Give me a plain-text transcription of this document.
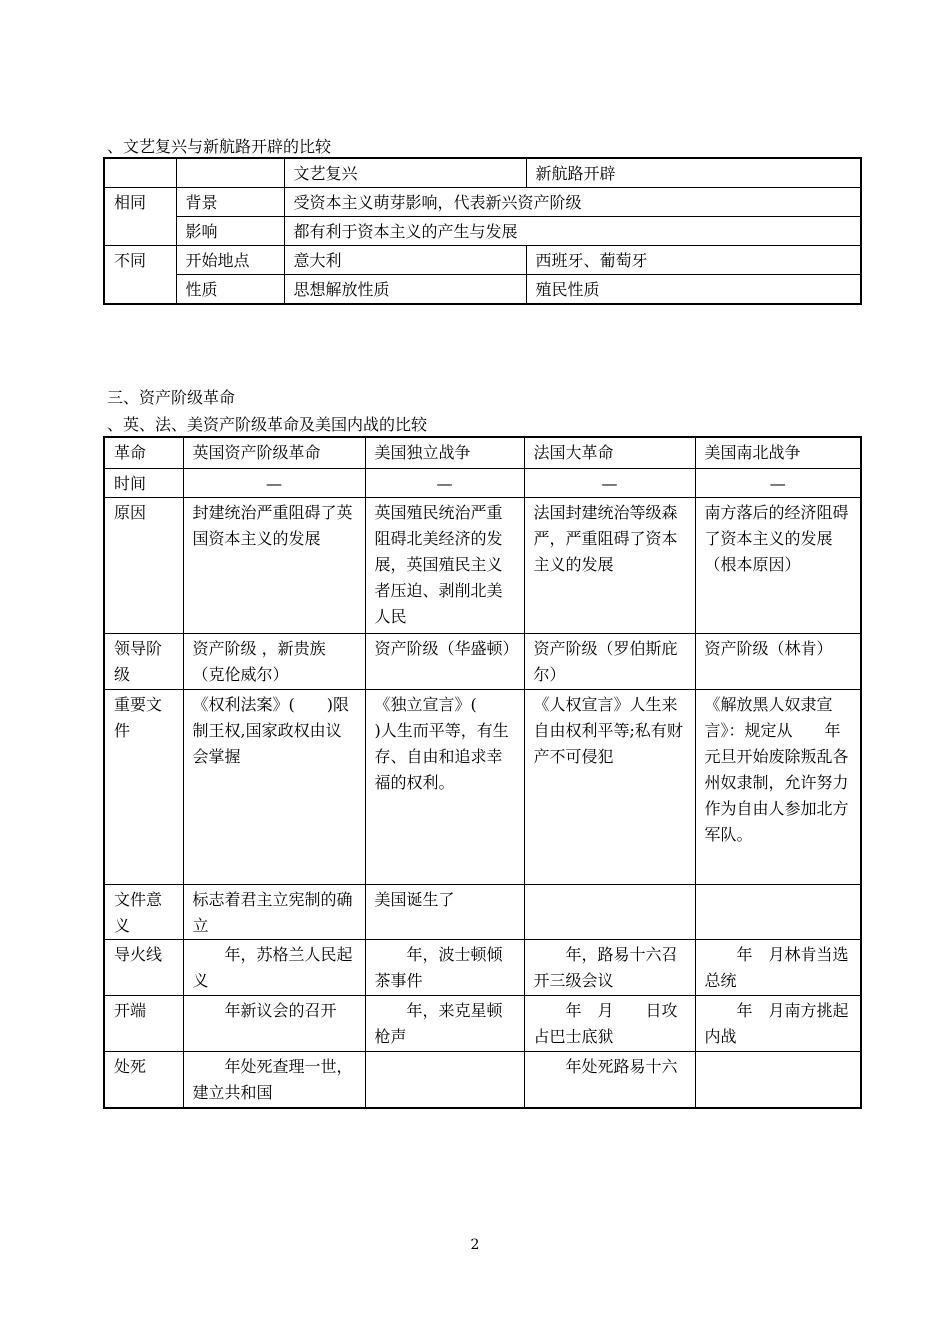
、文艺复兴与新航路开辟的比较
		文艺复兴	新航路开辟
相同	背景	受资本主义萌芽影响，代表新兴资产阶级	
	影响	都有利于资本主义的产生与发展	
不同	开始地点	意大利	西班牙、葡萄牙
	性质	思想解放性质	殖民性质
三、资产阶级革命
、英、法、美资产阶级革命及美国内战的比较
革命	英国资产阶级革命	美国独立战争	法国大革命	美国南北战争
时间	—	—	—	—
原因	封建统治严重阻碍了英国资本主义的发展	英国殖民统治严重阻碍北美经济的发展，英国殖民主义者压迫、剥削北美人民	法国封建统治等级森严，严重阻碍了资本主义的发展	南方落后的经济阻碍了资本主义的发展（根本原因）
领导阶级	资产阶级 ，新贵族（克伦威尔）	资产阶级（华盛顿）	资产阶级（罗伯斯庇尔）	资产阶级（林肯）
重要文件	《权利法案》(　　)限制王权,国家政权由议会掌握	《独立宣言》(　　　　)人生而平等，有生存、自由和追求幸福的权利。	《人权宣言》人生来自由权利平等;私有财产不可侵犯	《解放黑人奴隶宣言》：规定从　　年元旦开始废除叛乱各州奴隶制，允许努力作为自由人参加北方军队。
文件意义	标志着君主立宪制的确立	美国诞生了		
导火线	　　年，苏格兰人民起义	　　年，波士顿倾茶事件	　　年，路易十六召开三级会议	　　年　月林肯当选总统
开端	　　年新议会的召开	　　年，来克星顿枪声	　　年　月　　日攻占巴士底狱	　　年　月南方挑起内战
处死	　　年处死查理一世，建立共和国		　　年处死路易十六	
2
